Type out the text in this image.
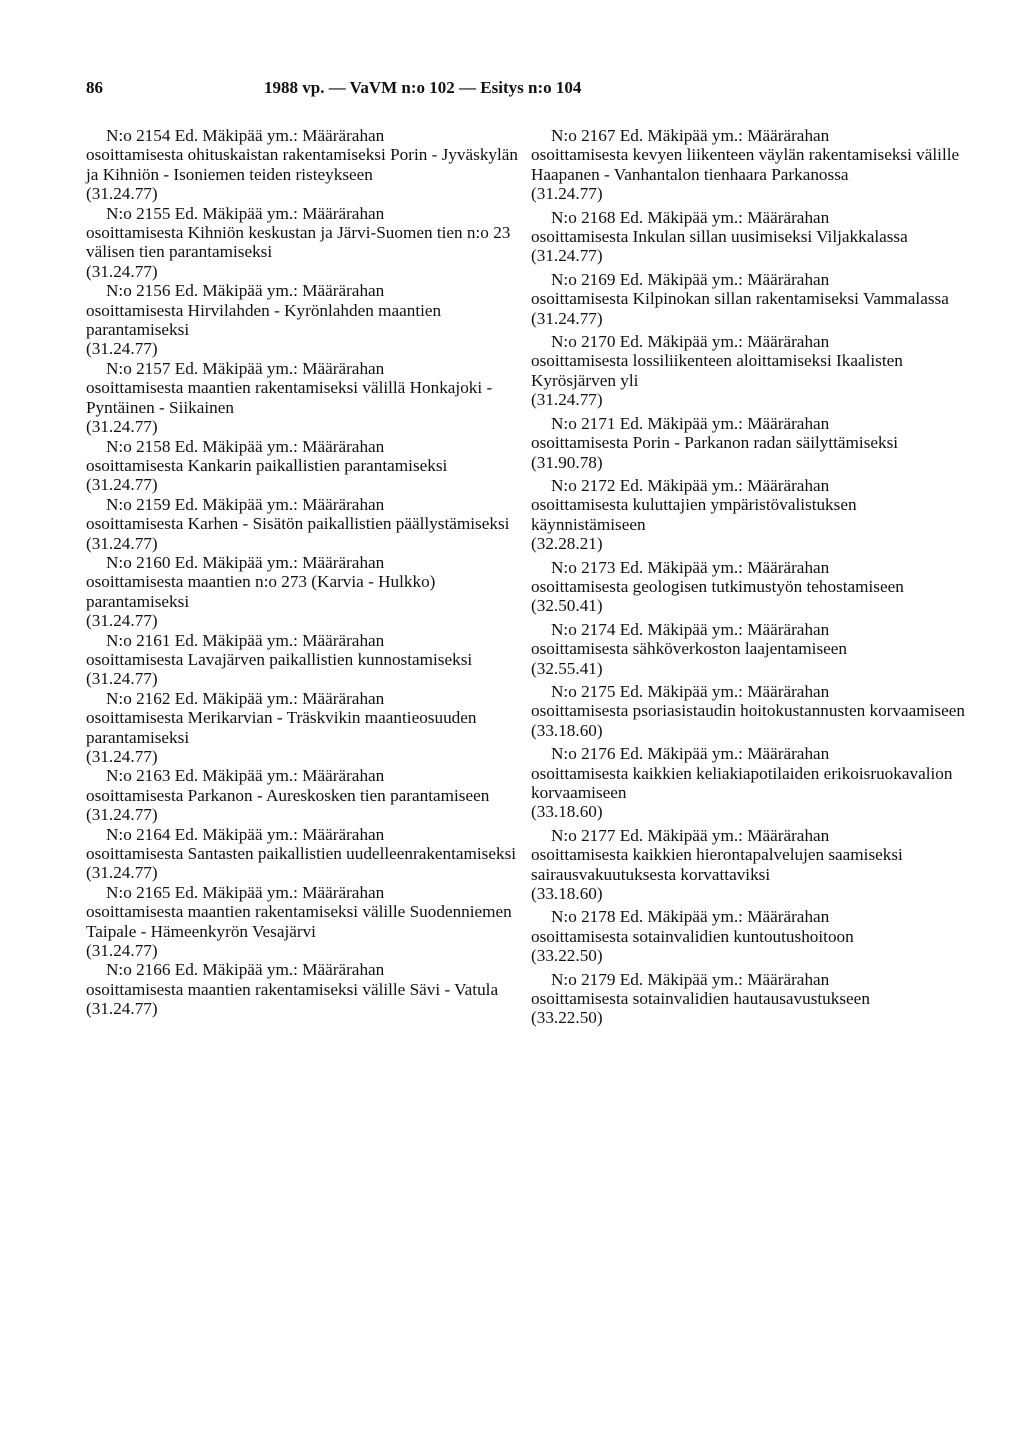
86	1988 vp. — VaVM n:o 102 — Esitys n:o 104

N:o 2154 Ed. Mäkipää ym.: Määrärahan

osoittamisesta ohituskaistan rakentamiseksi Porin - Jyväskylän ja Kihniön - Isoniemen teiden risteykseen

(31.24.77)

N:o 2155 Ed. Mäkipää ym.: Määrärahan

osoittamisesta Kihniön keskustan ja Järvi-Suomen tien n:o 23 välisen tien parantamiseksi

(31.24.77)

N:o 2156 Ed. Mäkipää ym.: Määrärahan

osoittamisesta Hirvilahden - Kyrönlahden maantien parantamiseksi

(31.24.77)

N:o 2157 Ed. Mäkipää ym.: Määrärahan

osoittamisesta maantien rakentamiseksi välillä Honkajoki - Pyntäinen - Siikainen

(31.24.77)

N:o 2158 Ed. Mäkipää ym.: Määrärahan

osoittamisesta Kankarin paikallistien parantamiseksi

(31.24.77)

N:o 2159 Ed. Mäkipää ym.: Määrärahan

osoittamisesta Karhen - Sisätön paikallistien päällystämiseksi

(31.24.77)

N:o 2160 Ed. Mäkipää ym.: Määrärahan

osoittamisesta maantien n:o 273 (Karvia - Hulkko) parantamiseksi

(31.24.77)

N:o 2161 Ed. Mäkipää ym.: Määrärahan

osoittamisesta Lavajärven paikallistien kunnostamiseksi

(31.24.77)

N:o 2162 Ed. Mäkipää ym.: Määrärahan

osoittamisesta Merikarvian - Träskvikin maantieosuuden parantamiseksi

(31.24.77)

N:o 2163 Ed. Mäkipää ym.: Määrärahan

osoittamisesta Parkanon - Aureskosken tien parantamiseen

(31.24.77)

N:o 2164 Ed. Mäkipää ym.: Määrärahan

osoittamisesta Santasten paikallistien uudelleenrakentamiseksi

(31.24.77)

N:o 2165 Ed. Mäkipää ym.: Määrärahan

osoittamisesta maantien rakentamiseksi välille Suodenniemen Taipale - Hämeenkyrön Vesajärvi

(31.24.77)

N:o 2166 Ed. Mäkipää ym.: Määrärahan

osoittamisesta maantien rakentamiseksi välille Sävi - Vatula

(31.24.77)

N:o 2167 Ed. Mäkipää ym.: Määrärahan

osoittamisesta kevyen liikenteen väylän rakentamiseksi välille Haapanen - Vanhantalon tienhaara Parkanossa

(31.24.77)

N:o 2168 Ed. Mäkipää ym.: Määrärahan

osoittamisesta Inkulan sillan uusimiseksi Viljakkalassa

(31.24.77)

N:o 2169 Ed. Mäkipää ym.: Määrärahan

osoittamisesta Kilpinokan sillan rakentamiseksi Vammalassa

(31.24.77)

N:o 2170 Ed. Mäkipää ym.: Määrärahan

osoittamisesta lossiliikenteen aloittamiseksi Ikaalisten Kyrösjärven yli

(31.24.77)

N:o 2171 Ed. Mäkipää ym.: Määrärahan

osoittamisesta Porin - Parkanon radan säilyttämiseksi

(31.90.78)

N:o 2172 Ed. Mäkipää ym.: Määrärahan

osoittamisesta kuluttajien ympäristövalistuksen käynnistämiseen

(32.28.21)

N:o 2173 Ed. Mäkipää ym.: Määrärahan

osoittamisesta geologisen tutkimustyön tehostamiseen

(32.50.41)

N:o 2174 Ed. Mäkipää ym.: Määrärahan

osoittamisesta sähköverkoston laajentamiseen

(32.55.41)

N:o 2175 Ed. Mäkipää ym.: Määrärahan

osoittamisesta psoriasistaudin hoitokustannusten korvaamiseen

(33.18.60)

N:o 2176 Ed. Mäkipää ym.: Määrärahan

osoittamisesta kaikkien keliakiapotilaiden erikoisruokavalion korvaamiseen

(33.18.60)

N:o 2177 Ed. Mäkipää ym.: Määrärahan

osoittamisesta kaikkien hierontapalvelujen saamiseksi sairausvakuutuksesta korvattaviksi

(33.18.60)

N:o 2178 Ed. Mäkipää ym.: Määrärahan

osoittamisesta sotainvalidien kuntoutushoitoon

(33.22.50)

N:o 2179 Ed. Mäkipää ym.: Määrärahan

osoittamisesta sotainvalidien hautausavustukseen

(33.22.50)
